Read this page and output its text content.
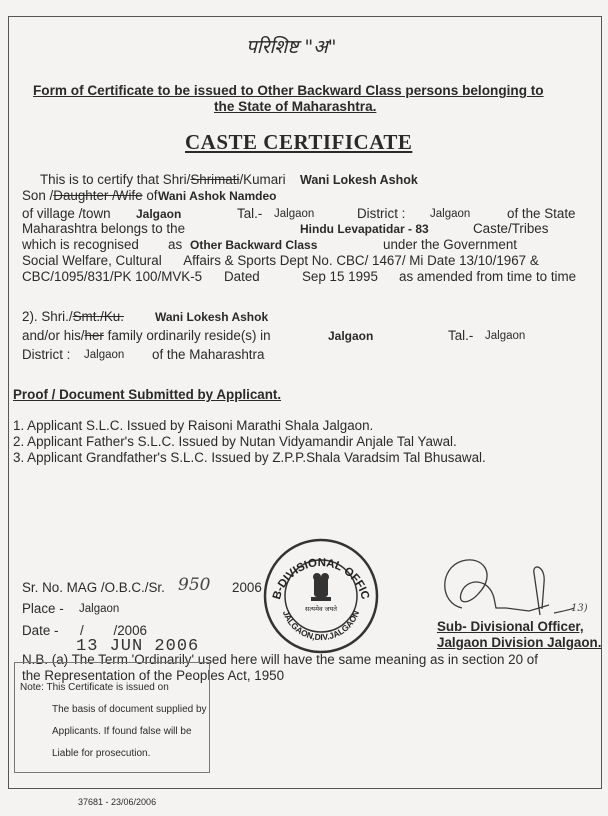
परिशिष्ट "अ"
Form of Certificate to be issued to Other Backward Class persons belonging to
the State of Maharashtra.
CASTE CERTIFICATE
This is to certify that Shri/Shrimati/Kumari Wani Lokesh Ashok
Son /Daughter /Wife of Wani Ashok Namdeo
of village /town Jalgaon	Tal.- Jalgaon	District : Jalgaon	of the State
Maharashtra belongs to the	Hindu Levapatidar - 83	Caste/Tribes
which is recognised as Other Backward Class	under the Government
Social Welfare, Cultural      Affairs & Sports Dept No. CBC/ 1467/ Mi Date 13/10/1967 &
CBC/1095/831/PK 100/MVK-5 Dated	Sep 15 1995 as amended from time to time
2). Shri./Smt./Ku.	Wani Lokesh Ashok
and/or his/her family ordinarily reside(s) in	Jalgaon	Tal.- Jalgaon
District : Jalgaon of the Maharashtra
Proof / Document Submitted by Applicant.
1. Applicant S.L.C. Issued by Raisoni Marathi Shala Jalgaon.
2. Applicant Father's S.L.C. Issued by Nutan Vidyamandir Anjale Tal Yawal.
3. Applicant Grandfather's S.L.C. Issued by Z.P.P.Shala Varadsim Tal Bhusawal.
Sr. No. MAG /O.B.C./Sr. 950 2006
Place - Jalgaon
Date - /        /2006
13 JUN 2006
B-DIVISIONAL OFFIC
JALGAON,DIV.JALGAON
सत्यमेव जयते	13)
Sub- Divisional Officer,
Jalgaon Division Jalgaon.
N.B. (a) The Term 'Ordinarily' used here will have the same meaning as in section 20 of
the Representation of the Peoples Act, 1950
Note: This Certificate is issued on
The basis of document supplied by
Applicants. If found false will be
Liable for prosecution.
37681 - 23/06/2006
